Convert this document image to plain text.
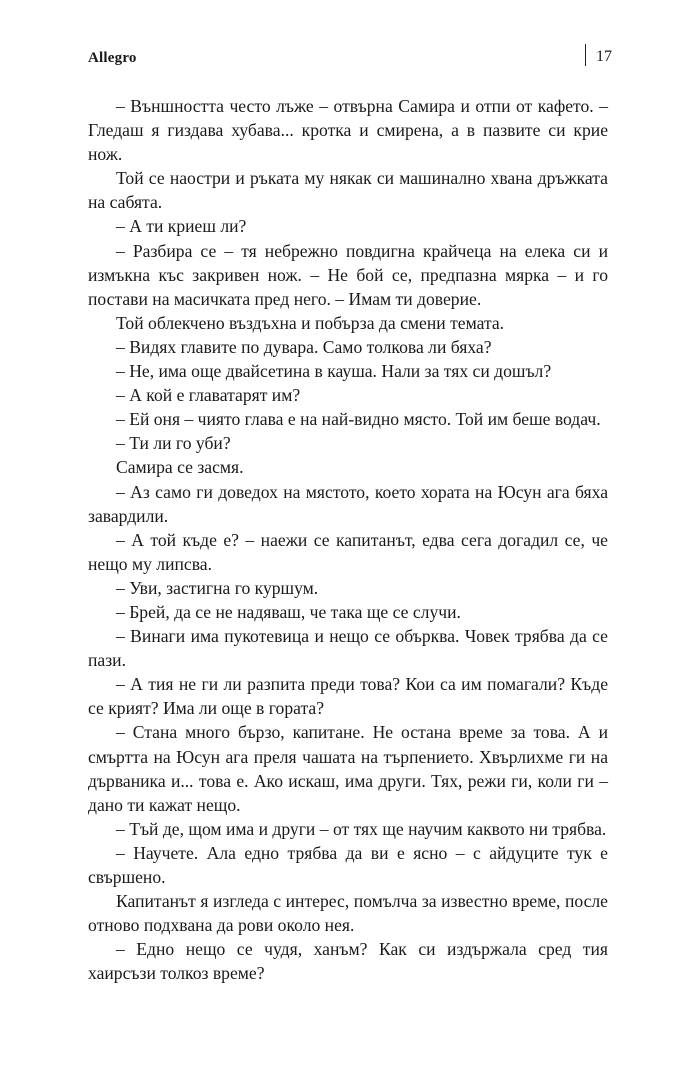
Allegro	17

– Външността често лъже – отвърна Самира и отпи от кафето. – Гледаш я гиздава хубава... кротка и смирена, а в пазвите си крие нож.

Той се наостри и ръката му някак си машинално хвана дръжката на сабята.

– А ти криеш ли?

– Разбира се – тя небрежно повдигна крайчеца на елека си и измъкна къс закривен нож. – Не бой се, предпазна мярка – и го постави на масичката пред него. – Имам ти доверие.

Той облекчено въздъхна и побърза да смени темата.

– Видях главите по дувара. Само толкова ли бяха?

– Не, има още двайсетина в кауша. Нали за тях си дошъл?

– А кой е главатарят им?

– Ей оня – чиято глава е на най-видно място. Той им беше водач.

– Ти ли го уби?

Самира се засмя.

– Аз само ги доведох на мястото, което хората на Юсун ага бяха завардили.

– А той къде е? – наежи се капитанът, едва сега догадил се, че нещо му липсва.

– Уви, застигна го куршум.

– Брей, да се не надяваш, че така ще се случи.

– Винаги има пукотевица и нещо се обърква. Човек трябва да се пази.

– А тия не ги ли разпита преди това? Кои са им помагали? Къде се крият? Има ли още в гората?

– Стана много бързо, капитане. Не остана време за това. А и смъртта на Юсун ага преля чашата на търпението. Хвърлихме ги на дърваника и... това е. Ако искаш, има други. Тях, режи ги, коли ги – дано ти кажат нещо.

– Тъй де, щом има и други – от тях ще научим каквото ни трябва.

– Научете. Ала едно трябва да ви е ясно – с айдуците тук е свършено.

Капитанът я изгледа с интерес, помълча за известно време, после отново подхвана да рови около нея.

– Едно нещо се чудя, ханъм? Как си издържала сред тия хаирсъзи толкоз време?
